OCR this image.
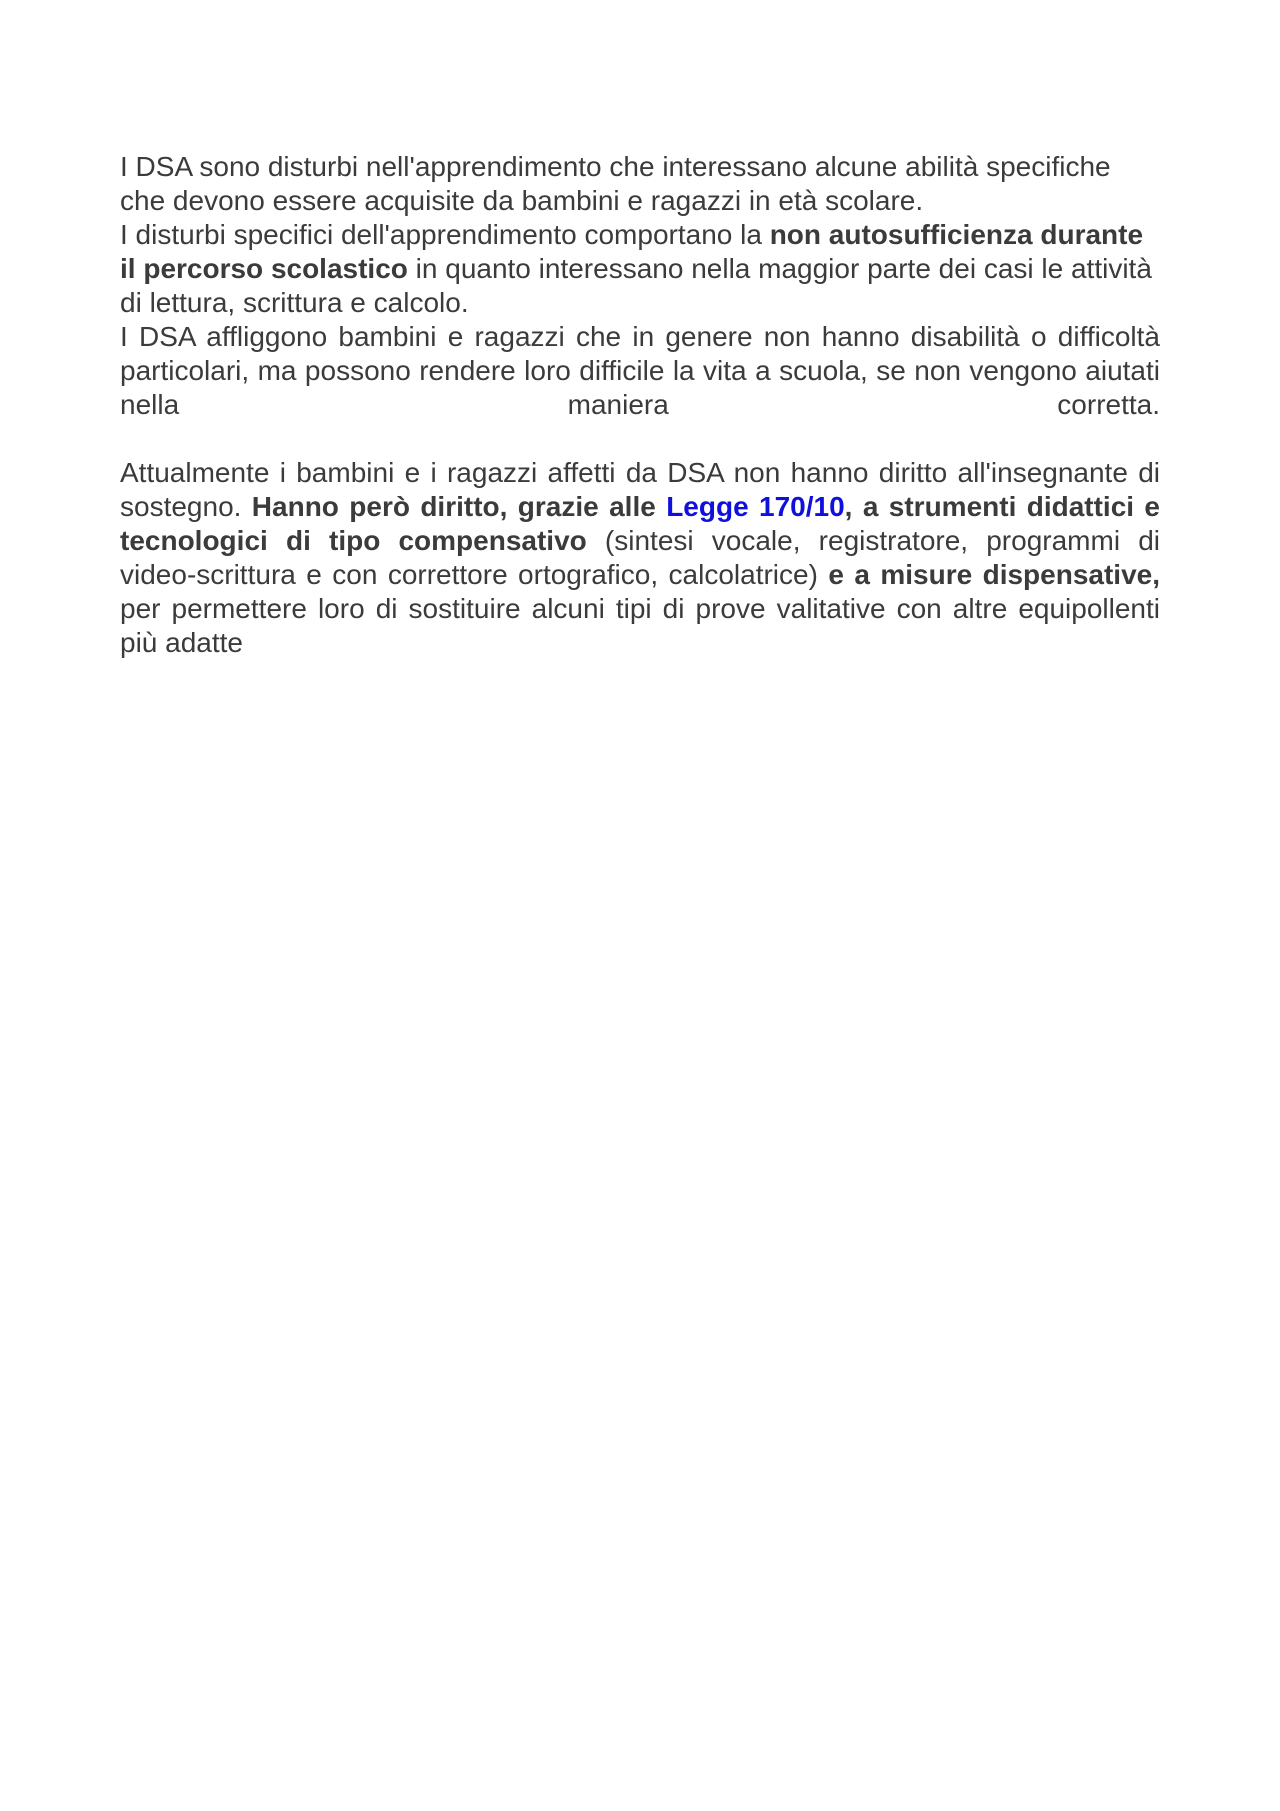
I DSA sono disturbi nell'apprendimento che interessano alcune abilità specifiche che devono essere acquisite da bambini e ragazzi in età scolare.

I disturbi specifici dell'apprendimento comportano la non autosufficienza durante il percorso scolastico in quanto interessano nella maggior parte dei casi le attività di lettura, scrittura e calcolo.

I DSA affliggono bambini e ragazzi che in genere non hanno disabilità o difficoltà particolari, ma possono rendere loro difficile la vita a scuola, se non vengono aiutati nella maniera corretta.

Attualmente i bambini e i ragazzi affetti da DSA non hanno diritto all'insegnante di sostegno. Hanno però diritto, grazie alle Legge 170/10, a strumenti didattici e tecnologici di tipo compensativo (sintesi vocale, registratore, programmi di video-scrittura e con correttore ortografico, calcolatrice) e a misure dispensative, per permettere loro di sostituire alcuni tipi di prove valitative con altre equipollenti più adatte
